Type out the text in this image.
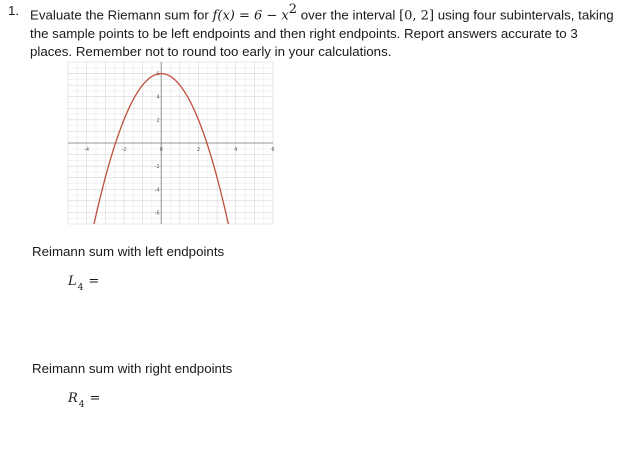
1. Evaluate the Riemann sum for $f(x) = 6 - x^2$ over the interval [0, 2] using four subintervals, taking the sample points to be left endpoints and then right endpoints. Report answers accurate to 3 places. Remember not to round too early in your calculations.
-4	-2	0	2	4	6
6
4
2
-2
-4
-6
Reimann sum with left endpoints
$L_4$ =
Reimann sum with right endpoints
$R_4$ =
